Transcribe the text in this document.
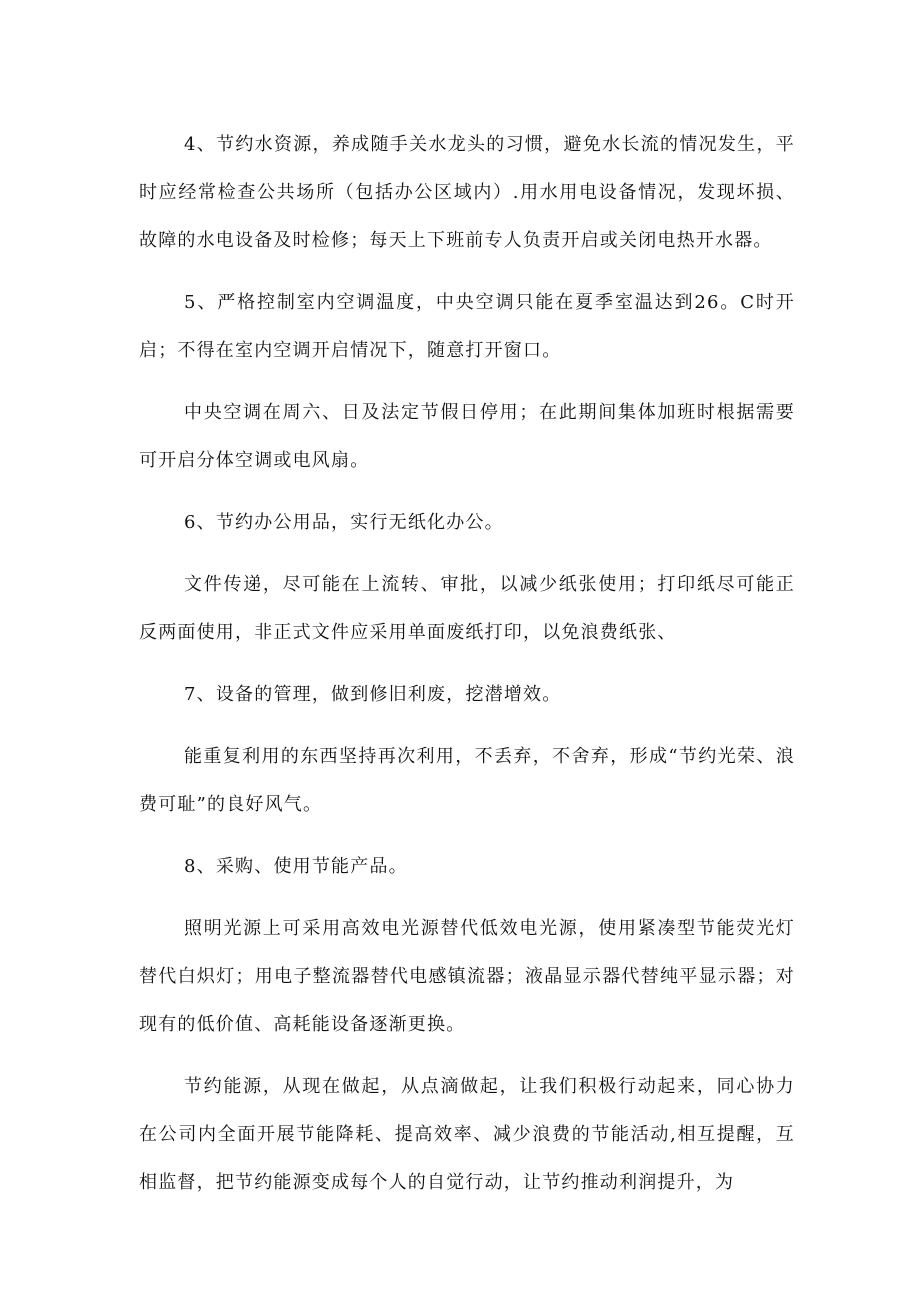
4、节约水资源，养成随手关水龙头的习惯，避免水长流的情况发生，平时应经常检查公共场所（包括办公区域内）.用水用电设备情况，发现坏损、故障的水电设备及时检修；每天上下班前专人负责开启或关闭电热开水器。

5、严格控制室内空调温度，中央空调只能在夏季室温达到26。C时开启；不得在室内空调开启情况下，随意打开窗口。

中央空调在周六、日及法定节假日停用；在此期间集体加班时根据需要可开启分体空调或电风扇。

6、节约办公用品，实行无纸化办公。

文件传递，尽可能在上流转、审批，以减少纸张使用；打印纸尽可能正反两面使用，非正式文件应采用单面废纸打印，以免浪费纸张、

7、设备的管理，做到修旧利废，挖潜增效。

能重复利用的东西坚持再次利用，不丢弃，不舍弃，形成“节约光荣、浪费可耻”的良好风气。

8、采购、使用节能产品。

照明光源上可采用高效电光源替代低效电光源，使用紧凑型节能荧光灯替代白炽灯；用电子整流器替代电感镇流器；液晶显示器代替纯平显示器；对现有的低价值、高耗能设备逐渐更换。

节约能源，从现在做起，从点滴做起，让我们积极行动起来，同心协力在公司内全面开展节能降耗、提高效率、减少浪费的节能活动,相互提醒，互相监督，把节约能源变成每个人的自觉行动，让节约推动利润提升，为
